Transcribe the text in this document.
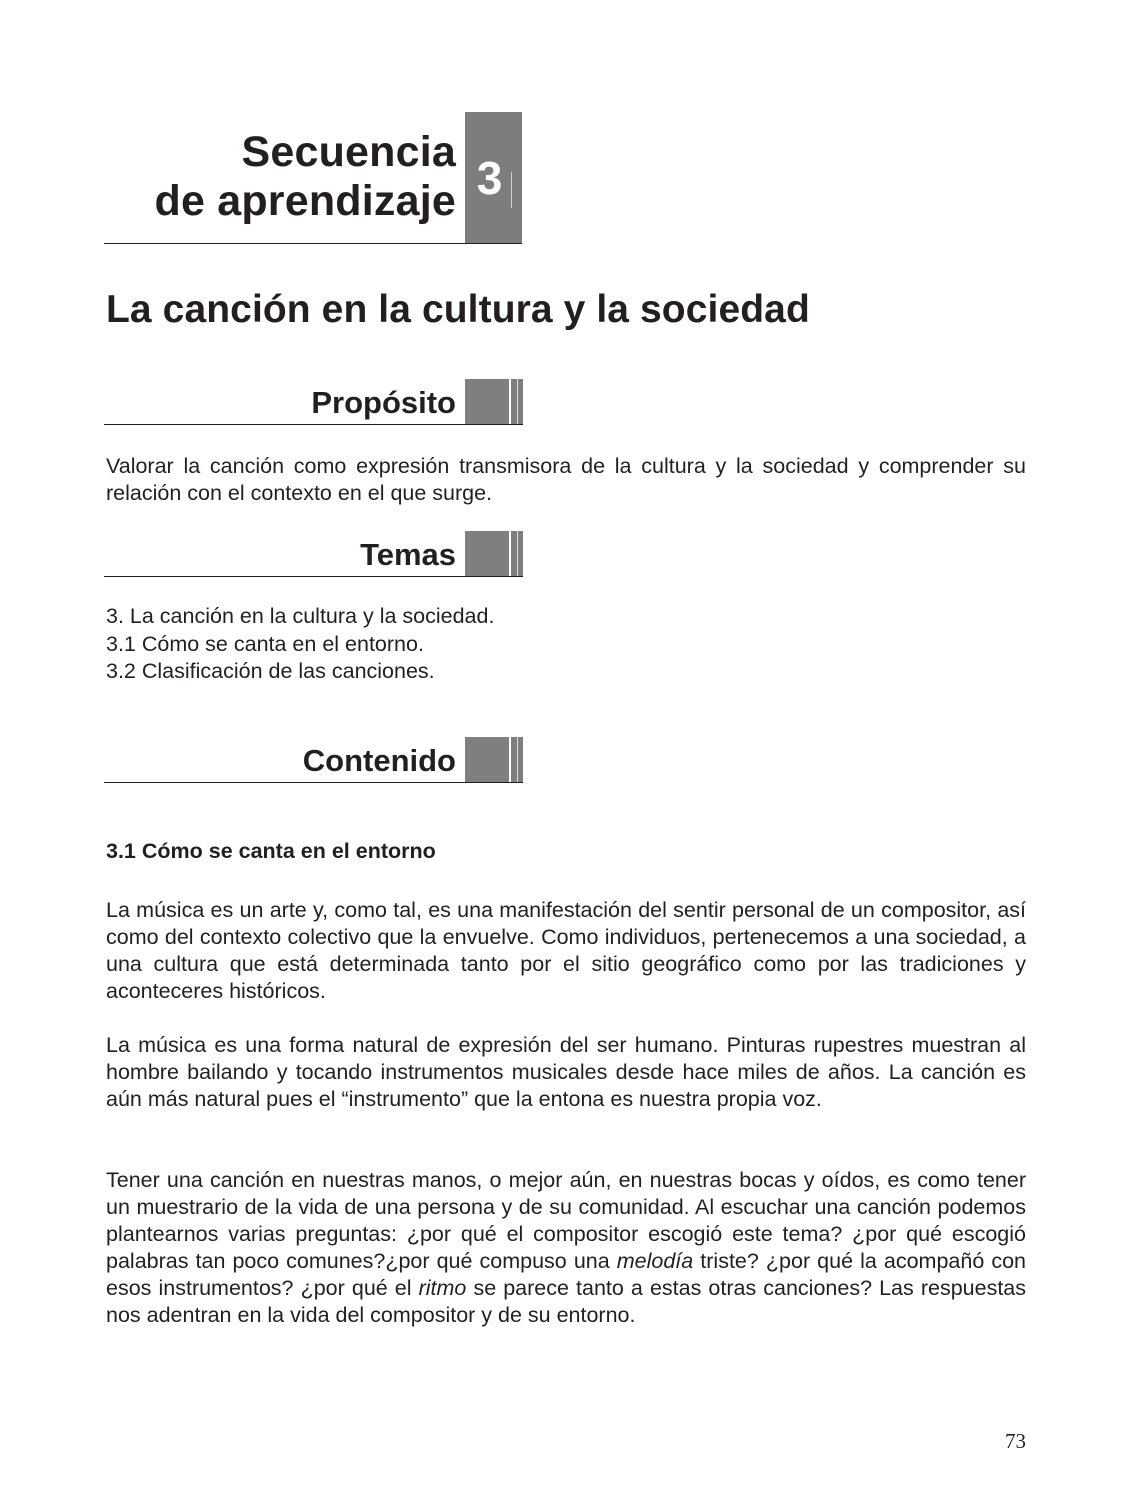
Secuencia
de aprendizaje 3
La canción en la cultura y la sociedad
Propósito

Valorar la canción como expresión transmisora de la cultura y la sociedad y comprender su relación con el contexto en el que surge.

Temas
3. La canción en la cultura y la sociedad.
3.1 Cómo se canta en el entorno.
3.2 Clasificación de las canciones.
Contenido
3.1 Cómo se canta en el entorno

La música es un arte y, como tal, es una manifestación del sentir personal de un compositor, así como del contexto colectivo que la envuelve. Como individuos, pertenecemos a una sociedad, a una cultura que está determinada tanto por el sitio geográfico como por las tradiciones y aconteceres históricos.

La música es una forma natural de expresión del ser humano. Pinturas rupestres muestran al hombre bailando y tocando instrumentos musicales desde hace miles de años. La canción es aún más natural pues el “instrumento” que la entona es nuestra propia voz.

Tener una canción en nuestras manos, o mejor aún, en nuestras bocas y oídos, es como tener un muestrario de la vida de una persona y de su comunidad. Al escuchar una canción podemos plantearnos varias preguntas: ¿por qué el compositor escogió este tema? ¿por qué escogió palabras tan poco comunes?¿por qué compuso una melodía triste? ¿por qué la acompañó con esos instrumentos? ¿por qué el ritmo se parece tanto a estas otras canciones? Las respuestas nos adentran en la vida del compositor y de su entorno.

73
